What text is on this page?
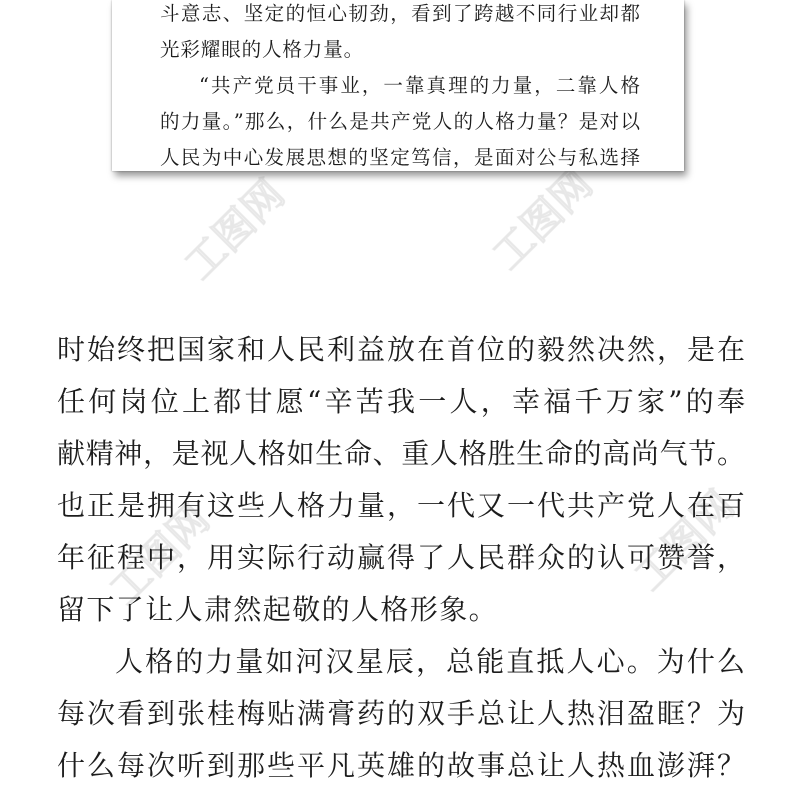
工图网	工图网
工图网	工图网
斗意志、坚定的恒心韧劲，看到了跨越不同行业却都
光彩耀眼的人格力量。
“共产党员干事业，一靠真理的力量，二靠人格
的力量。”那么，什么是共产党人的人格力量？是对以
人民为中心发展思想的坚定笃信，是面对公与私选择
时始终把国家和人民利益放在首位的毅然决然，是在
任何岗位上都甘愿“辛苦我一人，幸福千万家”的奉
献精神，是视人格如生命、重人格胜生命的高尚气节。
也正是拥有这些人格力量，一代又一代共产党人在百
年征程中，用实际行动赢得了人民群众的认可赞誉，
留下了让人肃然起敬的人格形象。
人格的力量如河汉星辰，总能直抵人心。为什么
每次看到张桂梅贴满膏药的双手总让人热泪盈眶？为
什么每次听到那些平凡英雄的故事总让人热血澎湃？
